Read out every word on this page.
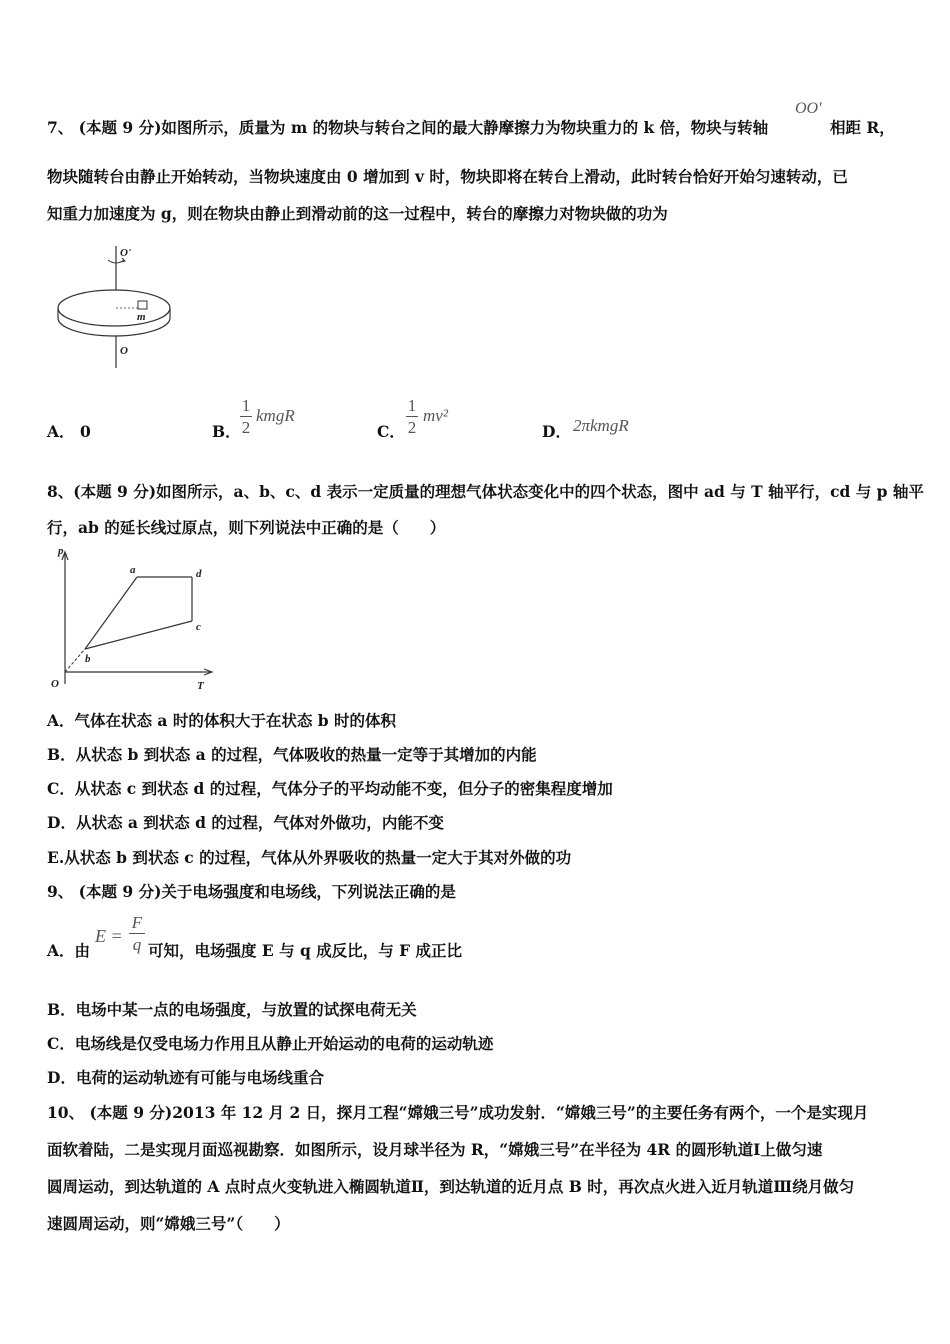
7、 (本题 9 分)如图所示，质量为 m 的物块与转台之间的最大静摩擦力为物块重力的 k 倍，物块与转轴
OO'
相距 R，
物块随转台由静止开始转动，当物块速度由 0 增加到 v 时，物块即将在转台上滑动，此时转台恰好开始匀速转动，已
知重力加速度为 g，则在物块由静止到滑动前的这一过程中，转台的摩擦力对物块做的功为
O'
m
O
A． 0	B．
1
2
kmgR
C．
1
2
mv²
D． 2πkmgR
8、(本题 9 分)如图所示，a、b、c、d 表示一定质量的理想气体状态变化中的四个状态，图中 ad 与 T 轴平行，cd 与 p 轴平
行，ab 的延长线过原点，则下列说法中正确的是（　　）
p
T
O
a	d
c
b
A．气体在状态 a 时的体积大于在状态 b 时的体积
B．从状态 b 到状态 a 的过程，气体吸收的热量一定等于其增加的内能
C．从状态 c 到状态 d 的过程，气体分子的平均动能不变，但分子的密集程度增加
D．从状态 a 到状态 d 的过程，气体对外做功，内能不变
E.从状态 b 到状态 c 的过程，气体从外界吸收的热量一定大于其对外做的功
9、 (本题 9 分)关于电场强度和电场线，下列说法正确的是
A．由
E =
F
q 可知，电场强度 E 与 q 成反比，与 F 成正比
B．电场中某一点的电场强度，与放置的试探电荷无关
C．电场线是仅受电场力作用且从静止开始运动的电荷的运动轨迹
D．电荷的运动轨迹有可能与电场线重合
10、 (本题 9 分)2013 年 12 月 2 日，探月工程“嫦娥三号”成功发射．“嫦娥三号”的主要任务有两个，一个是实现月
面软着陆，二是实现月面巡视勘察．如图所示，设月球半径为 R，“嫦娥三号”在半径为 4R 的圆形轨道Ⅰ上做匀速
圆周运动，到达轨道的 A 点时点火变轨进入椭圆轨道Ⅱ，到达轨道的近月点 B 时，再次点火进入近月轨道Ⅲ绕月做匀
速圆周运动，则“嫦娥三号”（　　）
